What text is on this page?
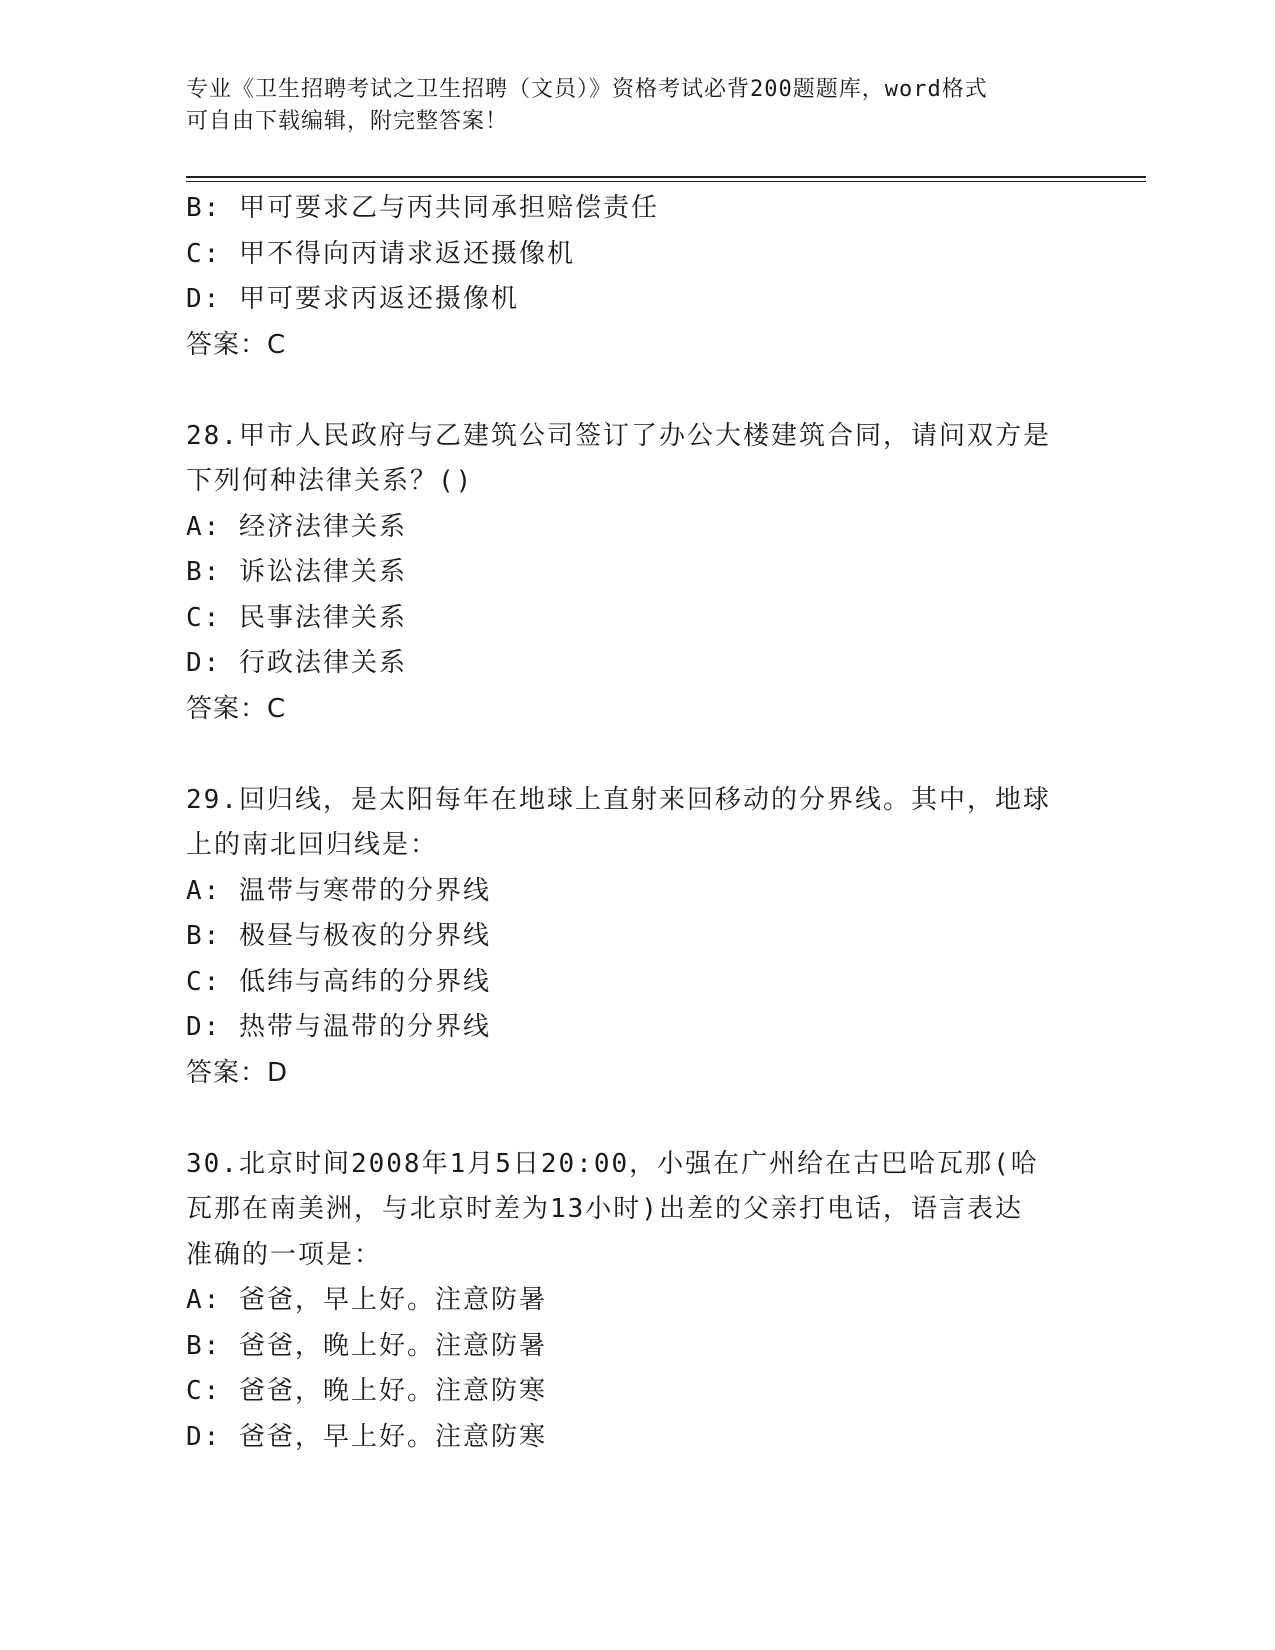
专业《卫生招聘考试之卫生招聘（文员）》资格考试必背200题题库，word格式
可自由下载编辑，附完整答案！
B: 甲可要求乙与丙共同承担赔偿责任
C: 甲不得向丙请求返还摄像机
D: 甲可要求丙返还摄像机
答案：C
28.甲市人民政府与乙建筑公司签订了办公大楼建筑合同，请问双方是
下列何种法律关系？()
A: 经济法律关系
B: 诉讼法律关系
C: 民事法律关系
D: 行政法律关系
答案：C
29.回归线，是太阳每年在地球上直射来回移动的分界线。其中，地球
上的南北回归线是：
A: 温带与寒带的分界线
B: 极昼与极夜的分界线
C: 低纬与高纬的分界线
D: 热带与温带的分界线
答案：D
30.北京时间2008年1月5日20:00，小强在广州给在古巴哈瓦那(哈
瓦那在南美洲，与北京时差为13小时)出差的父亲打电话，语言表达
准确的一项是：
A: 爸爸，早上好。注意防暑
B: 爸爸，晚上好。注意防暑
C: 爸爸，晚上好。注意防寒
D: 爸爸，早上好。注意防寒
